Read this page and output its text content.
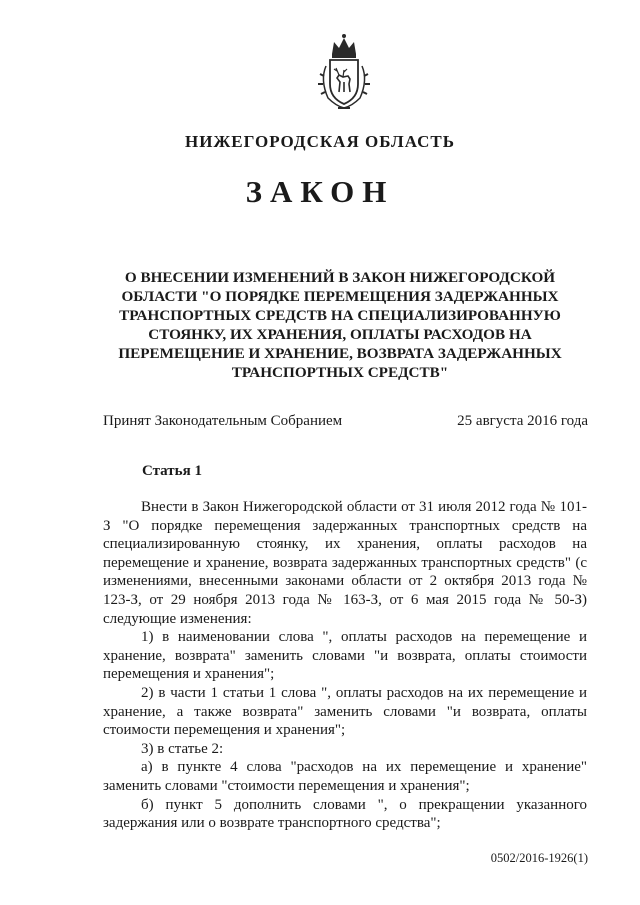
НИЖЕГОРОДСКАЯ ОБЛАСТЬ
ЗАКОН
О ВНЕСЕНИИ ИЗМЕНЕНИЙ В ЗАКОН НИЖЕГОРОДСКОЙ
ОБЛАСТИ "О ПОРЯДКЕ ПЕРЕМЕЩЕНИЯ ЗАДЕРЖАННЫХ
ТРАНСПОРТНЫХ СРЕДСТВ НА СПЕЦИАЛИЗИРОВАННУЮ
СТОЯНКУ, ИХ ХРАНЕНИЯ, ОПЛАТЫ РАСХОДОВ НА
ПЕРЕМЕЩЕНИЕ И ХРАНЕНИЕ, ВОЗВРАТА ЗАДЕРЖАННЫХ
ТРАНСПОРТНЫХ СРЕДСТВ"
Принят Законодательным Собранием	25 августа 2016 года
Статья 1

Внести в Закон Нижегородской области от 31 июля 2012 года № 101-З "О порядке перемещения задержанных транспортных средств на специализированную стоянку, их хранения, оплаты расходов на перемещение и хранение, возврата задержанных транспортных средств" (с изменениями, внесенными законами области от 2 октября 2013 года № 123-З, от 29 ноября 2013 года № 163-З, от 6 мая 2015 года № 50-З) следующие изменения:

1) в наименовании слова ", оплаты расходов на перемещение и хранение, возврата" заменить словами "и возврата, оплаты стоимости перемещения и хранения";

2) в части 1 статьи 1 слова ", оплаты расходов на их перемещение и хранение, а также возврата" заменить словами "и возврата, оплаты стоимости перемещения и хранения";

3) в статье 2:

а) в пункте 4 слова "расходов на их перемещение и хранение" заменить словами "стоимости перемещения и хранения";

б) пункт 5 дополнить словами ", о прекращении указанного задержания или о возврате транспортного средства";

0502/2016-1926(1)
